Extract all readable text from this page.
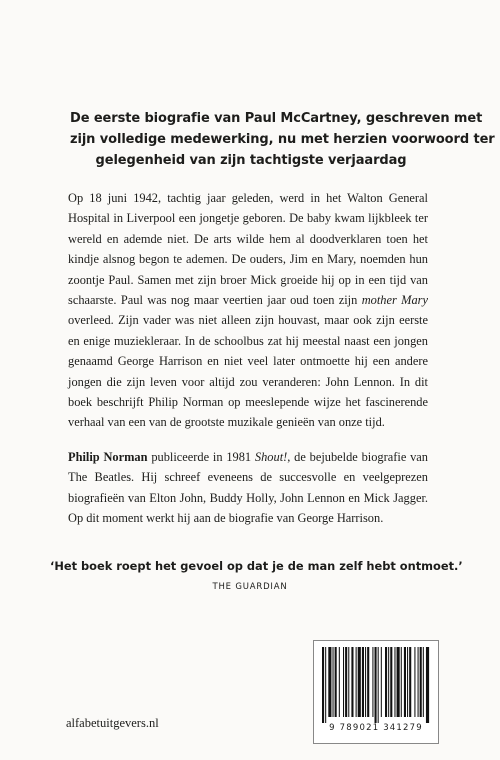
De eerste biografie van Paul McCartney, geschreven met
zijn volledige medewerking, nu met herzien voorwoord ter
gelegenheid van zijn tachtigste verjaardag
Op 18 juni 1942, tachtig jaar geleden, werd in het Walton General Hospital in Liverpool een jongetje geboren. De baby kwam lijkbleek ter wereld en ademde niet. De arts wilde hem al doodverklaren toen het kindje alsnog begon te ademen. De ouders, Jim en Mary, noemden hun zoontje Paul. Samen met zijn broer Mick groeide hij op in een tijd van schaarste. Paul was nog maar veertien jaar oud toen zijn mother Mary overleed. Zijn vader was niet alleen zijn houvast, maar ook zijn eerste en enige muziekleraar. In de schoolbus zat hij meestal naast een jongen genaamd George Harrison en niet veel later ontmoette hij een andere jongen die zijn leven voor altijd zou veranderen: John Lennon. In dit boek beschrijft Philip Norman op meeslepende wijze het fascinerende verhaal van een van de grootste muzikale genieën van onze tijd.
Philip Norman publiceerde in 1981 Shout!, de bejubelde biografie van The Beatles. Hij schreef eveneens de succesvolle en veelgeprezen biografieën van Elton John, Buddy Holly, John Lennon en Mick Jagger. Op dit moment werkt hij aan de biografie van George Harrison.
‘Het boek roept het gevoel op dat je de man zelf hebt ontmoet.’
THE GUARDIAN
alfabetuitgevers.nl	9 789021 341279
